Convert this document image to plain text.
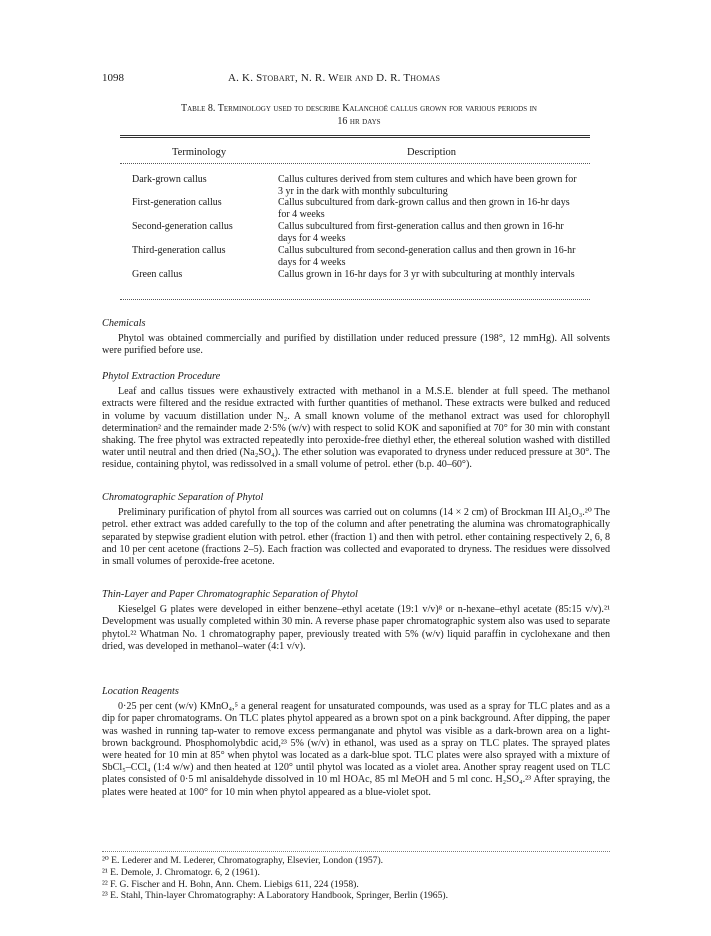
1098	A. K. Stobart, N. R. Weir and D. R. Thomas
Table 8. Terminology used to describe Kalanchoë callus grown for various periods in
16 hr days
Terminology	Description
Dark-grown callus	Callus cultures derived from stem cultures and which have been grown for 3 yr in the dark with monthly subculturing
First-generation callus	Callus subcultured from dark-grown callus and then grown in 16-hr days for 4 weeks
Second-generation callus	Callus subcultured from first-generation callus and then grown in 16-hr days for 4 weeks
Third-generation callus	Callus subcultured from second-generation callus and then grown in 16-hr days for 4 weeks
Green callus	Callus grown in 16-hr days for 3 yr with subculturing at monthly intervals
Chemicals
Phytol was obtained commercially and purified by distillation under reduced pressure (198°, 12 mmHg). All solvents were purified before use.
Phytol Extraction Procedure
Leaf and callus tissues were exhaustively extracted with methanol in a M.S.E. blender at full speed. The methanol extracts were filtered and the residue extracted with further quantities of methanol. These extracts were bulked and reduced in volume by vacuum distillation under N₂. A small known volume of the methanol extract was used for chlorophyll determination² and the remainder made 2·5% (w/v) with respect to solid KOK and saponified at 70° for 30 min with constant shaking. The free phytol was extracted repeatedly into peroxide-free diethyl ether, the ethereal solution washed with distilled water until neutral and then dried (Na₂SO₄). The ether solution was evaporated to dryness under reduced pressure at 30°. The residue, containing phytol, was redissolved in a small volume of petrol. ether (b.p. 40–60°).
Chromatographic Separation of Phytol
Preliminary purification of phytol from all sources was carried out on columns (14 × 2 cm) of Brockman III Al₂O₃.²⁰ The petrol. ether extract was added carefully to the top of the column and after penetrating the alumina was chromatographically separated by stepwise gradient elution with petrol. ether (fraction 1) and then with petrol. ether containing respectively 2, 6, 8 and 10 per cent acetone (fractions 2–5). Each fraction was collected and evaporated to dryness. The residues were dissolved in small volumes of peroxide-free acetone.
Thin-Layer and Paper Chromatographic Separation of Phytol
Kieselgel G plates were developed in either benzene–ethyl acetate (19:1 v/v)⁸ or n-hexane–ethyl acetate (85:15 v/v).²¹ Development was usually completed within 30 min. A reverse phase paper chromatographic system also was used to separate phytol.²² Whatman No. 1 chromatography paper, previously treated with 5% (w/v) liquid paraffin in cyclohexane and then dried, was developed in methanol–water (4:1 v/v).
Location Reagents
0·25 per cent (w/v) KMnO₄,⁵ a general reagent for unsaturated compounds, was used as a spray for TLC plates and as a dip for paper chromatograms. On TLC plates phytol appeared as a brown spot on a pink background. After dipping, the paper was washed in running tap-water to remove excess permanganate and phytol was visible as a dark-brown area on a light-brown background. Phosphomolybdic acid,²³ 5% (w/v) in ethanol, was used as a spray on TLC plates. The sprayed plates were heated for 10 min at 85° when phytol was located as a dark-blue spot. TLC plates were also sprayed with a mixture of SbCl₅–CCl₄ (1:4 w/w) and then heated at 120° until phytol was located as a violet area. Another spray reagent used on TLC plates consisted of 0·5 ml anisaldehyde dissolved in 10 ml HOAc, 85 ml MeOH and 5 ml conc. H₂SO₄.²³ After spraying, the plates were heated at 100° for 10 min when phytol appeared as a blue-violet spot.
²⁰ E. Lederer and M. Lederer, Chromatography, Elsevier, London (1957).
²¹ E. Demole, J. Chromatogr. 6, 2 (1961).
²² F. G. Fischer and H. Bohn, Ann. Chem. Liebigs 611, 224 (1958).
²³ E. Stahl, Thin-layer Chromatography: A Laboratory Handbook, Springer, Berlin (1965).
